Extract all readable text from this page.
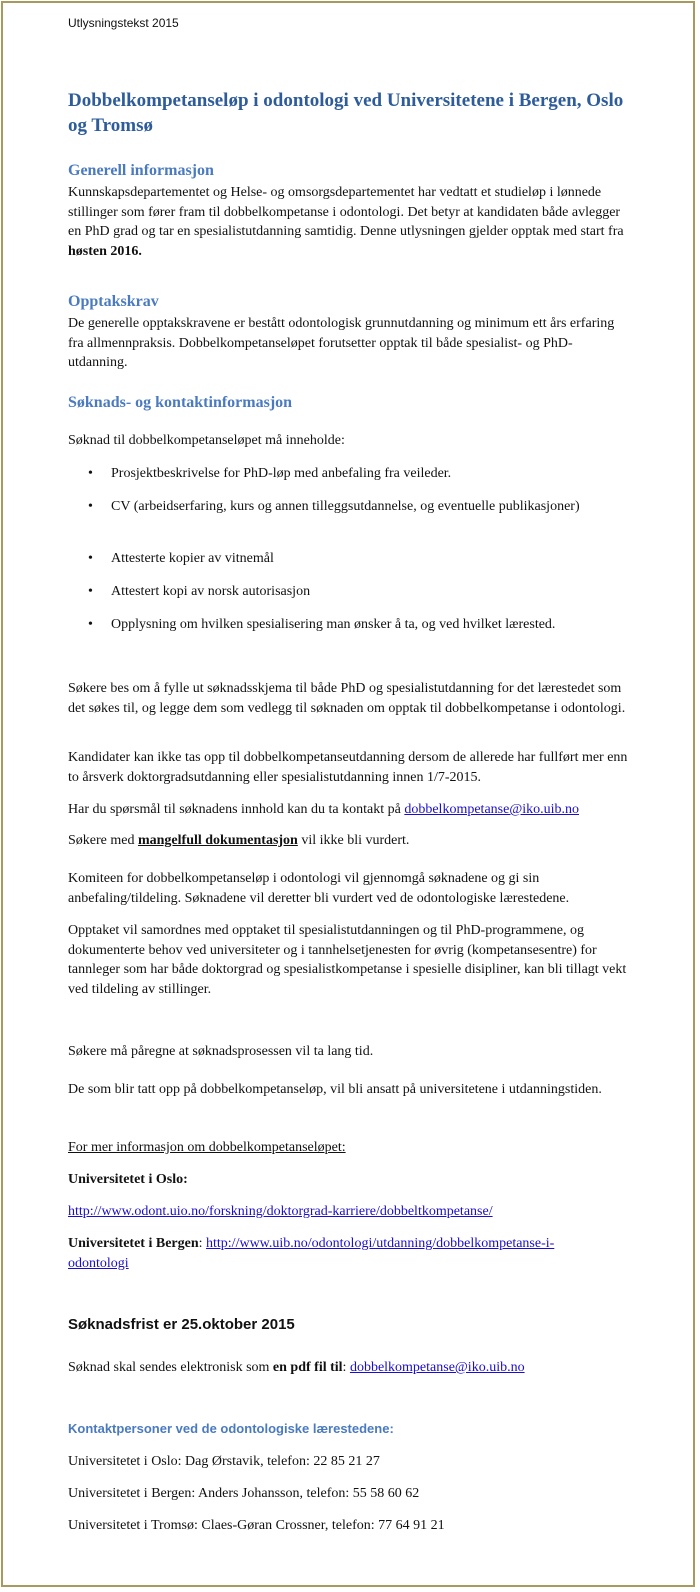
Utlysningstekst 2015
Dobbelkompetanseløp i odontologi ved Universitetene i Bergen, Oslo og Tromsø
Generell informasjon
Kunnskapsdepartementet og Helse- og omsorgsdepartementet har vedtatt et studieløp i lønnede stillinger som fører fram til dobbelkompetanse i odontologi. Det betyr at kandidaten både avlegger en PhD grad og tar en spesialistutdanning samtidig. Denne utlysningen gjelder opptak med start fra høsten 2016.
Opptakskrav
De generelle opptakskravene er bestått odontologisk grunnutdanning og minimum ett års erfaring fra allmennpraksis. Dobbelkompetanseløpet forutsetter opptak til både spesialist- og PhD-utdanning.
Søknads- og kontaktinformasjon
Søknad til dobbelkompetanseløpet må inneholde:
• Prosjektbeskrivelse for PhD-løp med anbefaling fra veileder.
• CV (arbeidserfaring, kurs og annen tilleggsutdannelse, og eventuelle publikasjoner)
• Attesterte kopier av vitnemål
• Attestert kopi av norsk autorisasjon
• Opplysning om hvilken spesialisering man ønsker å ta, og ved hvilket lærested.
Søkere bes om å fylle ut søknadsskjema til både PhD og spesialistutdanning for det lærestedet som det søkes til, og legge dem som vedlegg til søknaden om opptak til dobbelkompetanse i odontologi.
Kandidater kan ikke tas opp til dobbelkompetanseutdanning dersom de allerede har fullført mer enn to årsverk doktorgradsutdanning eller spesialistutdanning innen 1/7-2015.
Har du spørsmål til søknadens innhold kan du ta kontakt på dobbelkompetanse@iko.uib.no
Søkere med mangelfull dokumentasjon vil ikke bli vurdert.
Komiteen for dobbelkompetanseløp i odontologi vil gjennomgå søknadene og gi sin anbefaling/tildeling. Søknadene vil deretter bli vurdert ved de odontologiske lærestedene.
Opptaket vil samordnes med opptaket til spesialistutdanningen og til PhD-programmene, og dokumenterte behov ved universiteter og i tannhelsetjenesten for øvrig (kompetansesentre) for tannleger som har både doktorgrad og spesialistkompetanse i spesielle disipliner, kan bli tillagt vekt ved tildeling av stillinger.
Søkere må påregne at søknadsprosessen vil ta lang tid.
De som blir tatt opp på dobbelkompetanseløp, vil bli ansatt på universitetene i utdanningstiden.
For mer informasjon om dobbelkompetanseløpet:
Universitetet i Oslo:
http://www.odont.uio.no/forskning/doktorgrad-karriere/dobbeltkompetanse/
Universitetet i Bergen: http://www.uib.no/odontologi/utdanning/dobbelkompetanse-i-
odontologi
Søknadsfrist er 25.oktober 2015
Søknad skal sendes elektronisk som en pdf fil til: dobbelkompetanse@iko.uib.no
Kontaktpersoner ved de odontologiske lærestedene:
Universitetet i Oslo: Dag Ørstavik, telefon: 22 85 21 27
Universitetet i Bergen: Anders Johansson, telefon: 55 58 60 62
Universitetet i Tromsø: Claes-Gøran Crossner, telefon: 77 64 91 21
